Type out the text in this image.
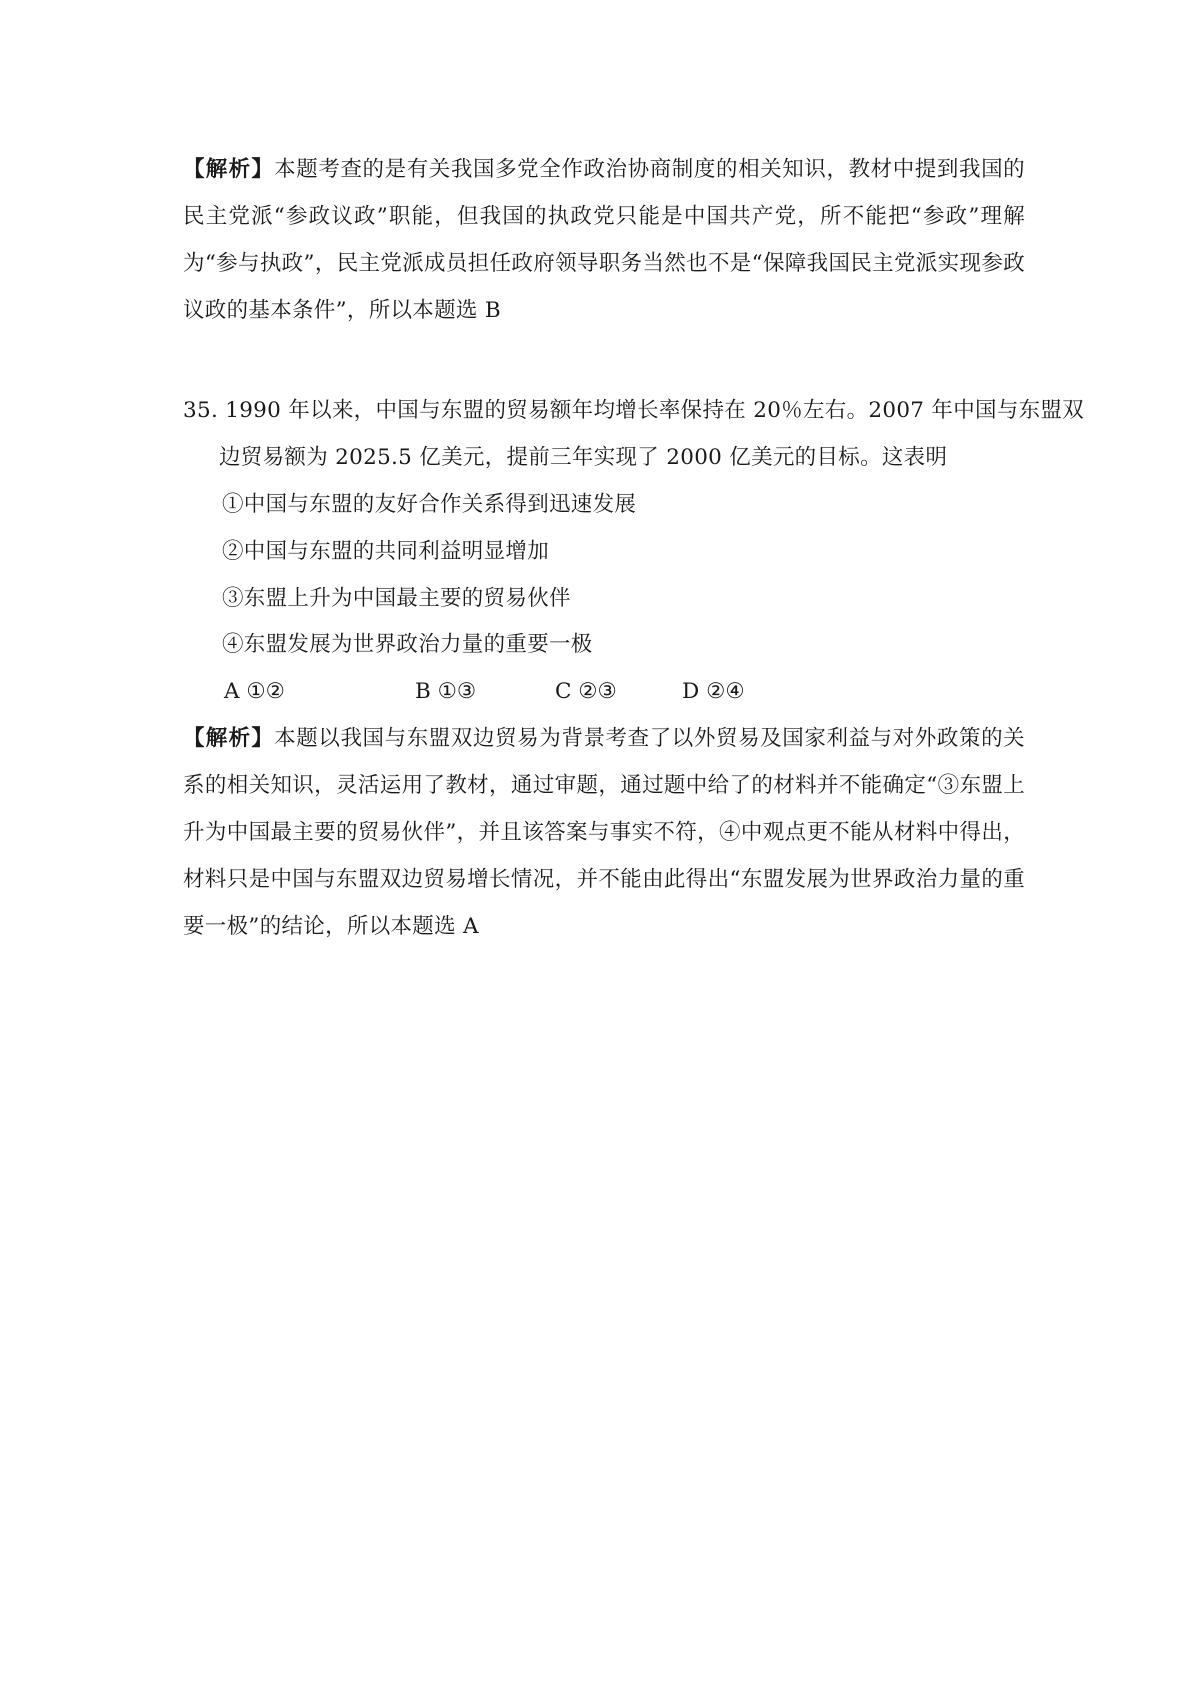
【解析】本题考查的是有关我国多党全作政治协商制度的相关知识，教材中提到我国的民主党派“参政议政”职能，但我国的执政党只能是中国共产党，所不能把“参政”理解为“参与执政”，民主党派成员担任政府领导职务当然也不是“保障我国民主党派实现参政议政的基本条件”，所以本题选 B
35. 1990 年以来，中国与东盟的贸易额年均增长率保持在 20％左右。2007 年中国与东盟双
边贸易额为 2025.5 亿美元，提前三年实现了 2000 亿美元的目标。这表明
①中国与东盟的友好合作关系得到迅速发展
②中国与东盟的共同利益明显增加
③东盟上升为中国最主要的贸易伙伴
④东盟发展为世界政治力量的重要一极
A ①②	B ①③	C ②③	D ②④
【解析】本题以我国与东盟双边贸易为背景考查了以外贸易及国家利益与对外政策的关系的相关知识，灵活运用了教材，通过审题，通过题中给了的材料并不能确定“③东盟上升为中国最主要的贸易伙伴”，并且该答案与事实不符，④中观点更不能从材料中得出，材料只是中国与东盟双边贸易增长情况，并不能由此得出“东盟发展为世界政治力量的重要一极”的结论，所以本题选 A
